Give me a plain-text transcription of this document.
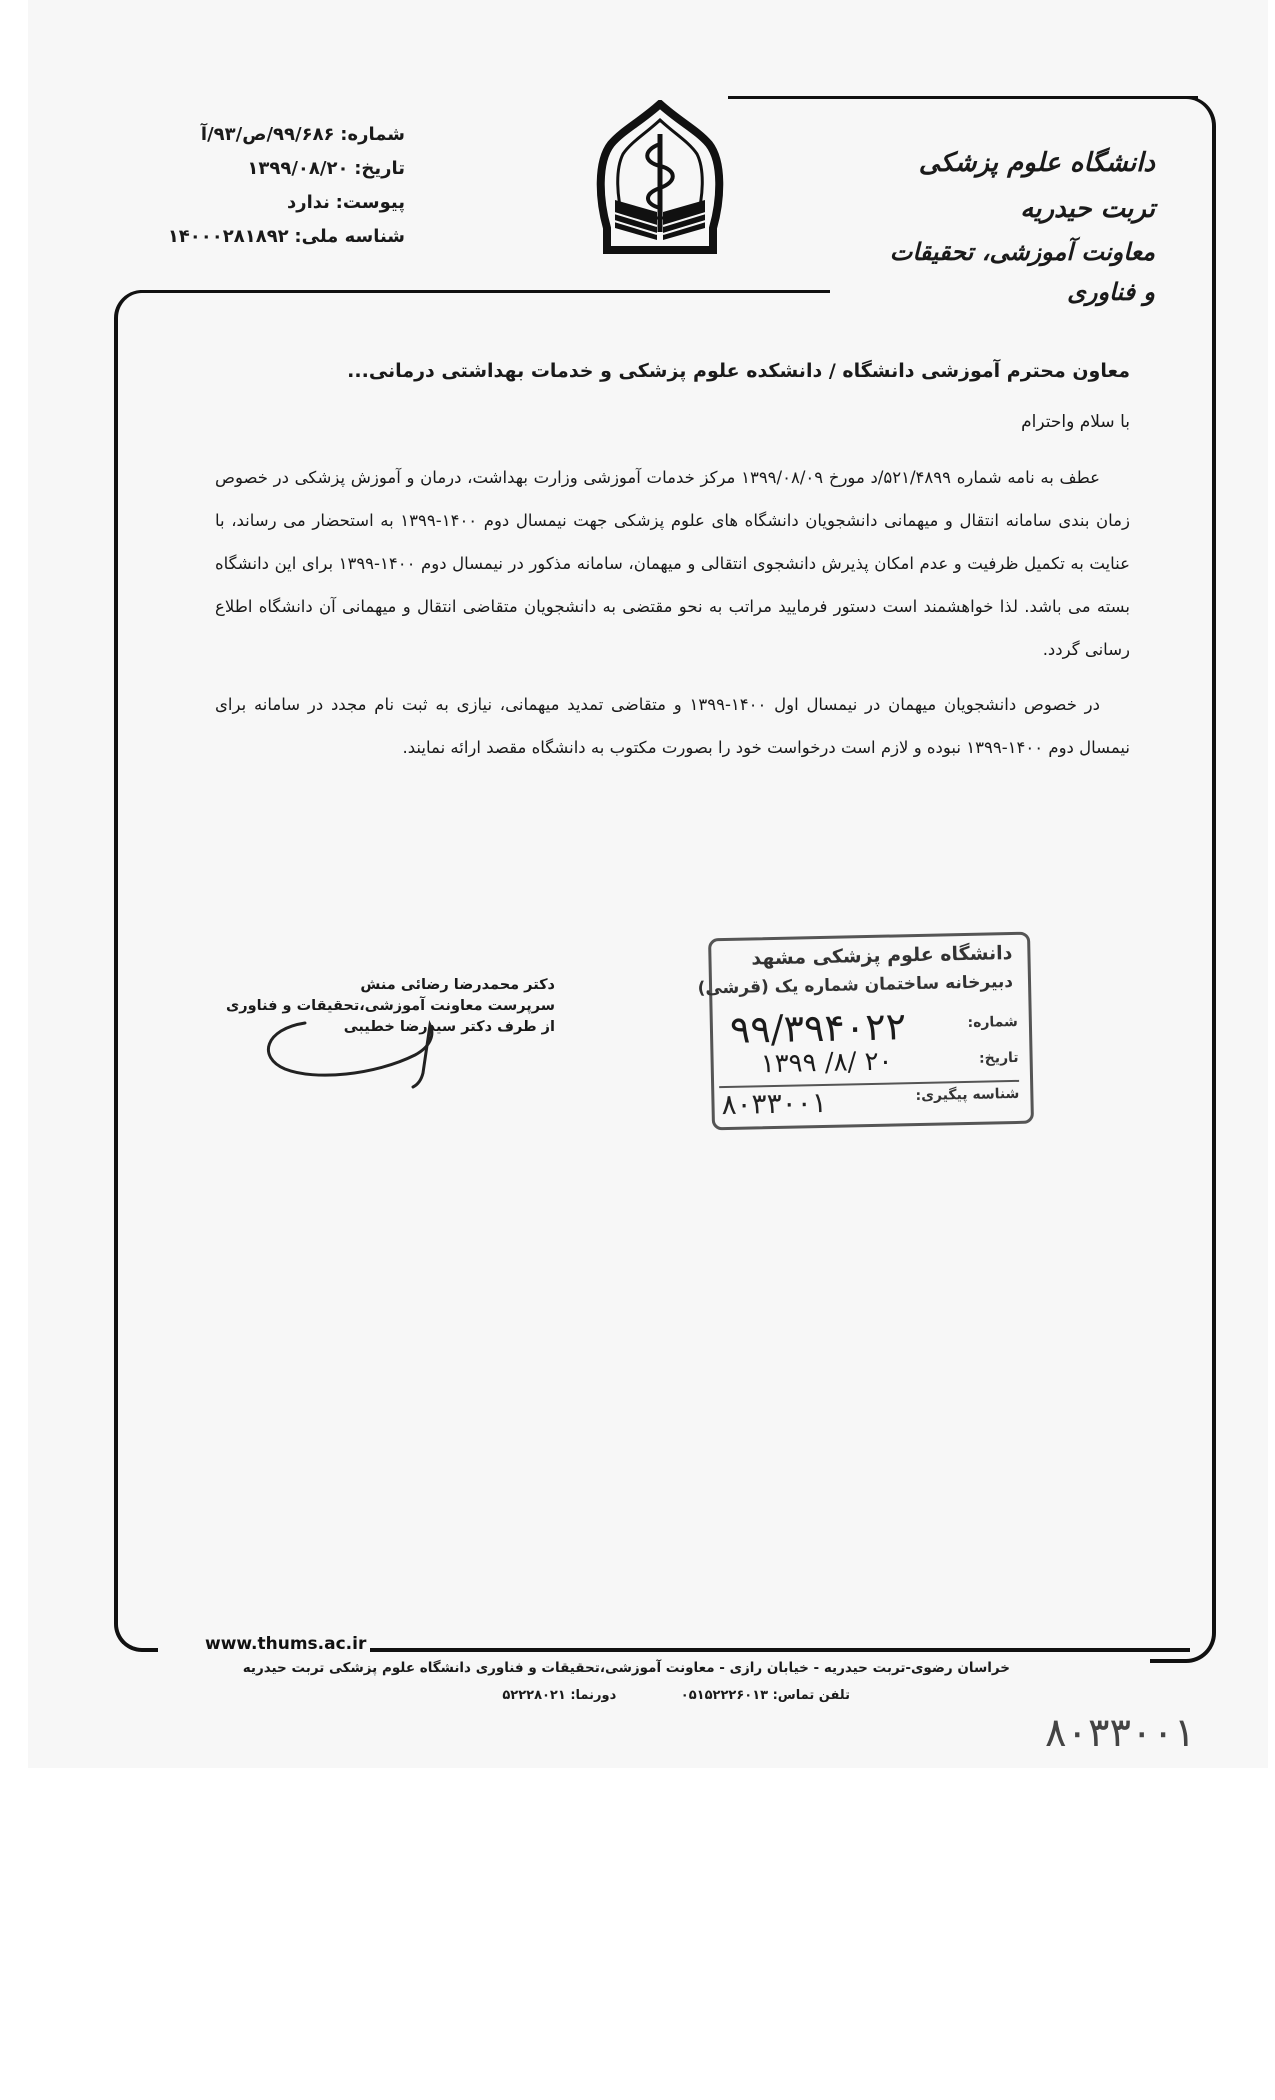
شماره: ۹۹/۶۸۶/ص/۹۳/آ
تاریخ: ۱۳۹۹/۰۸/۲۰
پیوست: ندارد
شناسه ملی: ۱۴۰۰۰۲۸۱۸۹۲
دانشگاه علوم پزشکی تربت حیدریه
معاونت آموزشی، تحقیقات و فناوری

معاون محترم آموزشی دانشگاه / دانشکده علوم پزشکی و خدمات بهداشتی درمانی...

با سلام واحترام

عطف به نامه شماره ۵۲۱/۴۸۹۹/د مورخ ۱۳۹۹/۰۸/۰۹ مرکز خدمات آموزشی وزارت بهداشت، درمان و آموزش پزشکی در خصوص زمان بندی سامانه انتقال و میهمانی دانشجویان دانشگاه های علوم پزشکی جهت نیمسال دوم ۱۴۰۰-۱۳۹۹ به استحضار می رساند، با عنایت به تکمیل ظرفیت و عدم امکان پذیرش دانشجوی انتقالی و میهمان، سامانه مذکور در نیمسال دوم ۱۴۰۰-۱۳۹۹ برای این دانشگاه بسته می باشد. لذا خواهشمند است دستور فرمایید مراتب به نحو مقتضی به دانشجویان متقاضی انتقال و میهمانی آن دانشگاه اطلاع رسانی گردد.

در خصوص دانشجویان میهمان در نیمسال اول ۱۴۰۰-۱۳۹۹ و متقاضی تمدید میهمانی، نیازی به ثبت نام مجدد در سامانه برای نیمسال دوم ۱۴۰۰-۱۳۹۹ نبوده و لازم است درخواست خود را بصورت مکتوب به دانشگاه مقصد ارائه نمایند.

دکتر محمدرضا رضائی منش
سرپرست معاونت آموزشی،تحقیقات و فناوری
از طرف دکتر سیدرضا خطیبی
دانشگاه علوم پزشکی مشهد
دبیرخانه ساختمان شماره یک (قرشی)
شماره:
۹۹/۳۹۴۰۲۲
تاریخ:
۱۳۹۹ /۸/ ۲۰
شناسه پیگیری:
۸۰۳۳۰۰۱
www.thums.ac.ir
خراسان رضوی-تربت حیدریه - خیابان رازی - معاونت آموزشی،تحقیقات و فناوری دانشگاه علوم پزشکی تربت حیدریه
تلفن تماس: ۰۵۱۵۲۲۲۶۰۱۳ دورنما: ۵۲۲۲۸۰۲۱
۸۰۳۳۰۰۱
